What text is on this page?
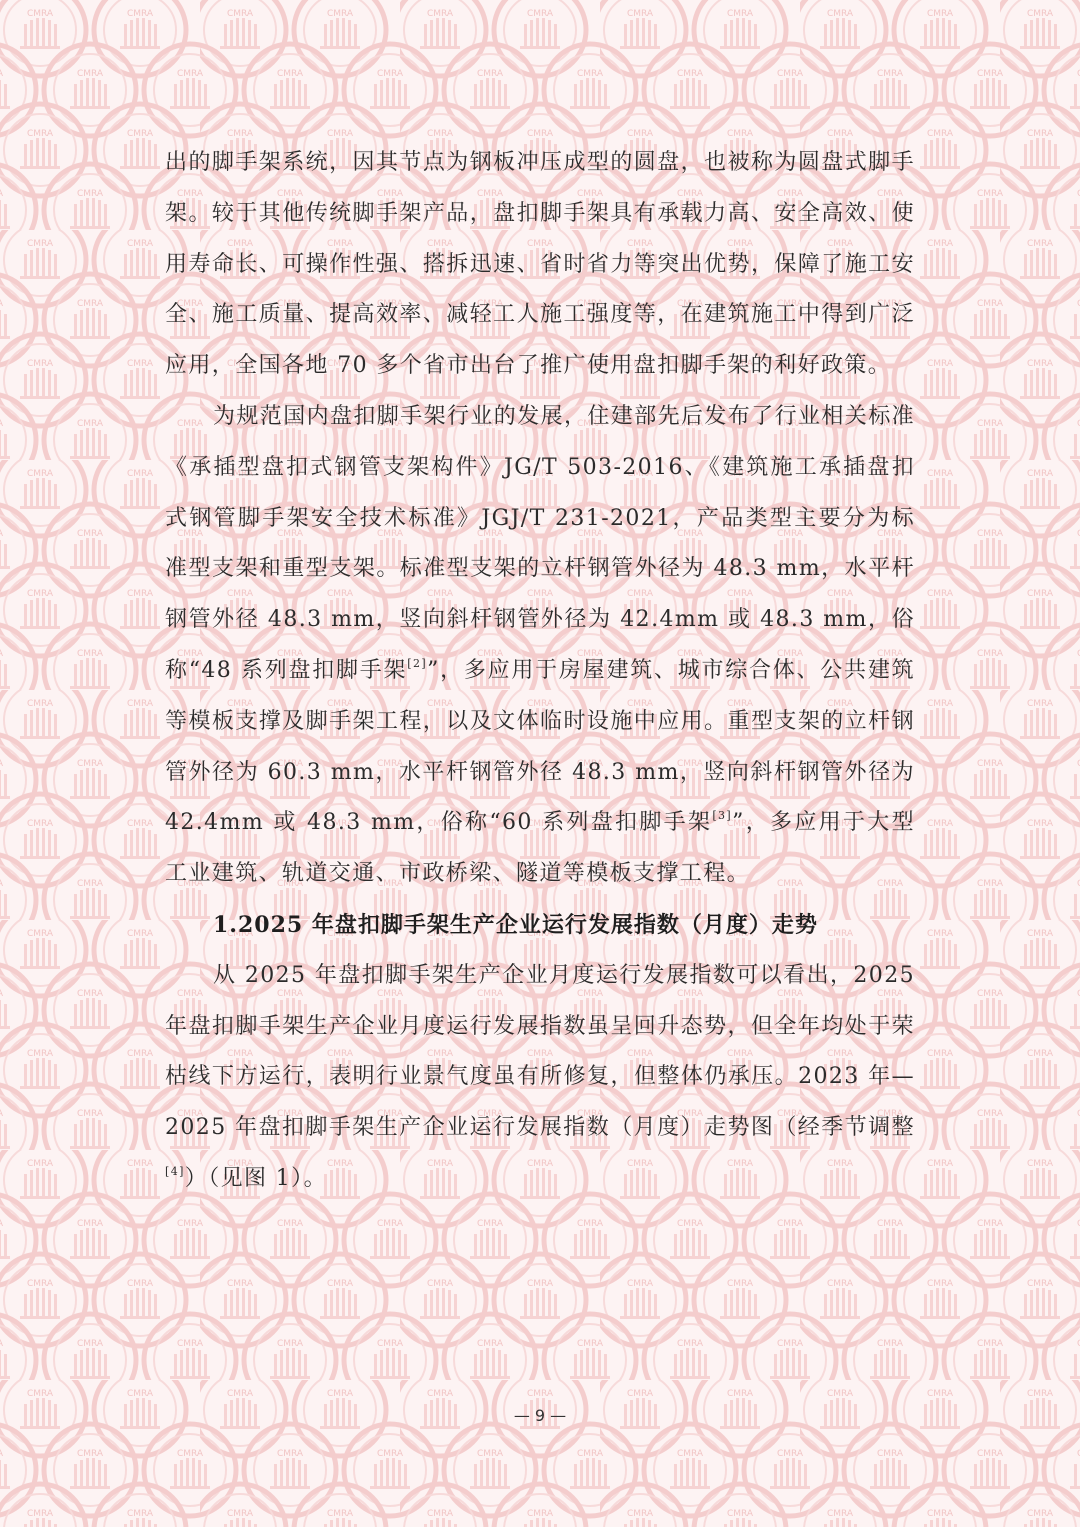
出的脚手架系统，因其节点为钢板冲压成型的圆盘，也被称为圆盘式脚手架。较于其他传统脚手架产品，盘扣脚手架具有承载力高、安全高效、使用寿命长、可操作性强、搭拆迅速、省时省力等突出优势，保障了施工安全、施工质量、提高效率、减轻工人施工强度等，在建筑施工中得到广泛应用，全国各地 70 多个省市出台了推广使用盘扣脚手架的利好政策。

为规范国内盘扣脚手架行业的发展，住建部先后发布了行业相关标准《承插型盘扣式钢管支架构件》JG/T 503-2016、《建筑施工承插盘扣式钢管脚手架安全技术标准》JGJ/T 231-2021，产品类型主要分为标准型支架和重型支架。标准型支架的立杆钢管外径为 48.3 mm，水平杆钢管外径 48.3 mm，竖向斜杆钢管外径为 42.4mm 或 48.3 mm，俗称“48 系列盘扣脚手架[2]”，多应用于房屋建筑、城市综合体、公共建筑等模板支撑及脚手架工程，以及文体临时设施中应用。重型支架的立杆钢管外径为 60.3 mm，水平杆钢管外径 48.3 mm，竖向斜杆钢管外径为 42.4mm 或 48.3 mm，俗称“60 系列盘扣脚手架[3]”，多应用于大型工业建筑、轨道交通、市政桥梁、隧道等模板支撑工程。

1.2025 年盘扣脚手架生产企业运行发展指数（月度）走势

从 2025 年盘扣脚手架生产企业月度运行发展指数可以看出，2025 年盘扣脚手架生产企业月度运行发展指数虽呈回升态势，但全年均处于荣枯线下方运行，表明行业景气度虽有所修复，但整体仍承压。2023 年—2025 年盘扣脚手架生产企业运行发展指数（月度）走势图（经季节调整[4]）（见图 1）。

— 9 —
